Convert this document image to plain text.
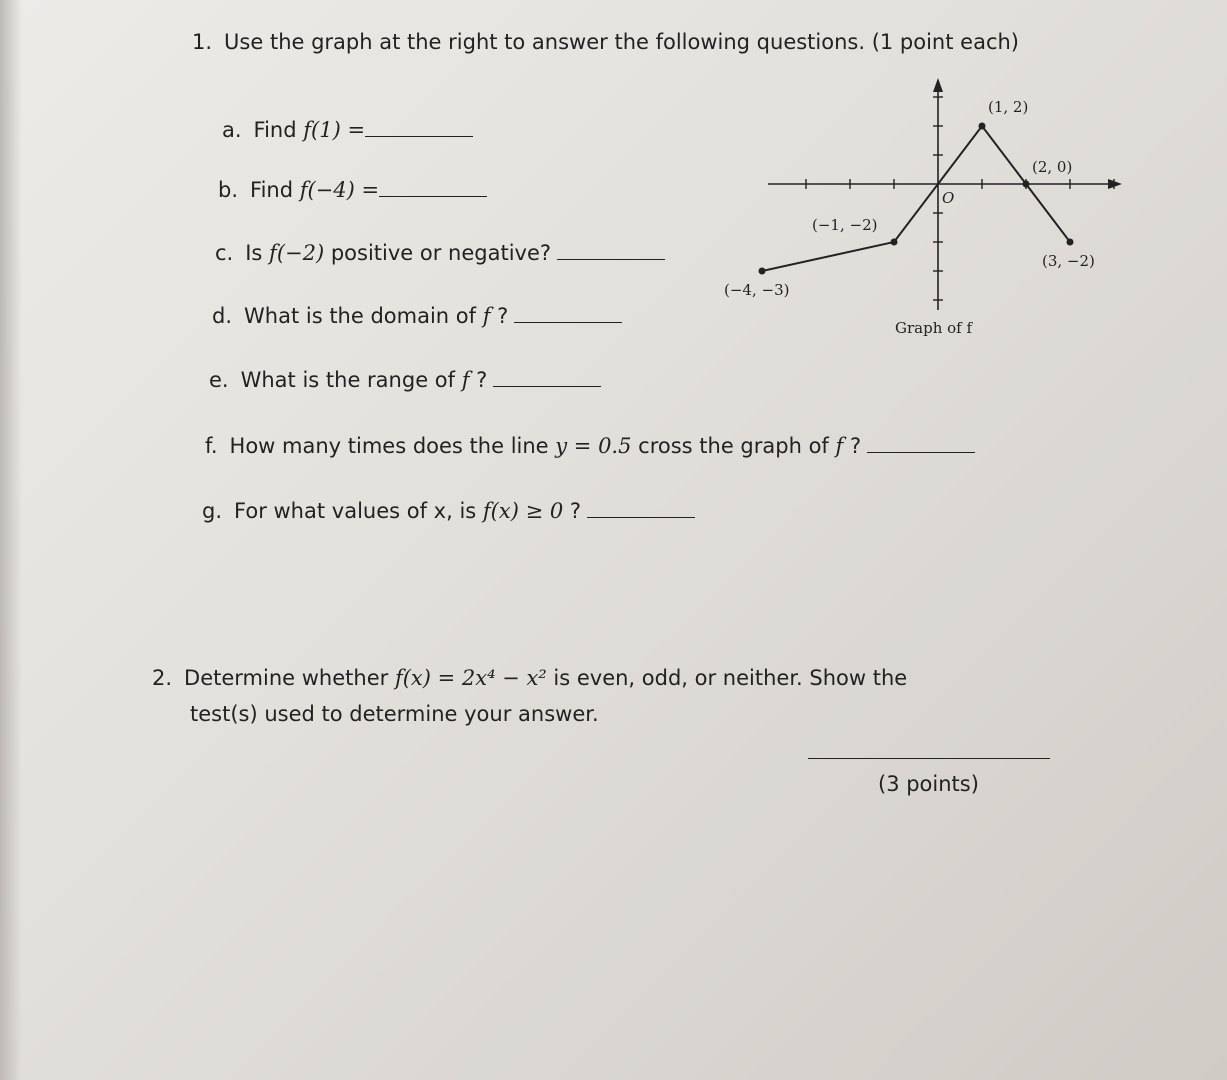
1. Use the graph at the right to answer the following questions. (1 point each)
a. Find f(1) =
b. Find f(−4) =
c. Is f(−2) positive or negative?
d. What is the domain of f ?
e. What is the range of f ?
f. How many times does the line y = 0.5 cross the graph of f ?
g. For what values of x, is f(x) ≥ 0 ?
(−4, −3)
(−1, −2)
(1, 2)
(2, 0)
(3, −2)
O
Graph of f
2. Determine whether f(x) = 2x⁴ − x² is even, odd, or neither. Show the
test(s) used to determine your answer.
(3 points)
